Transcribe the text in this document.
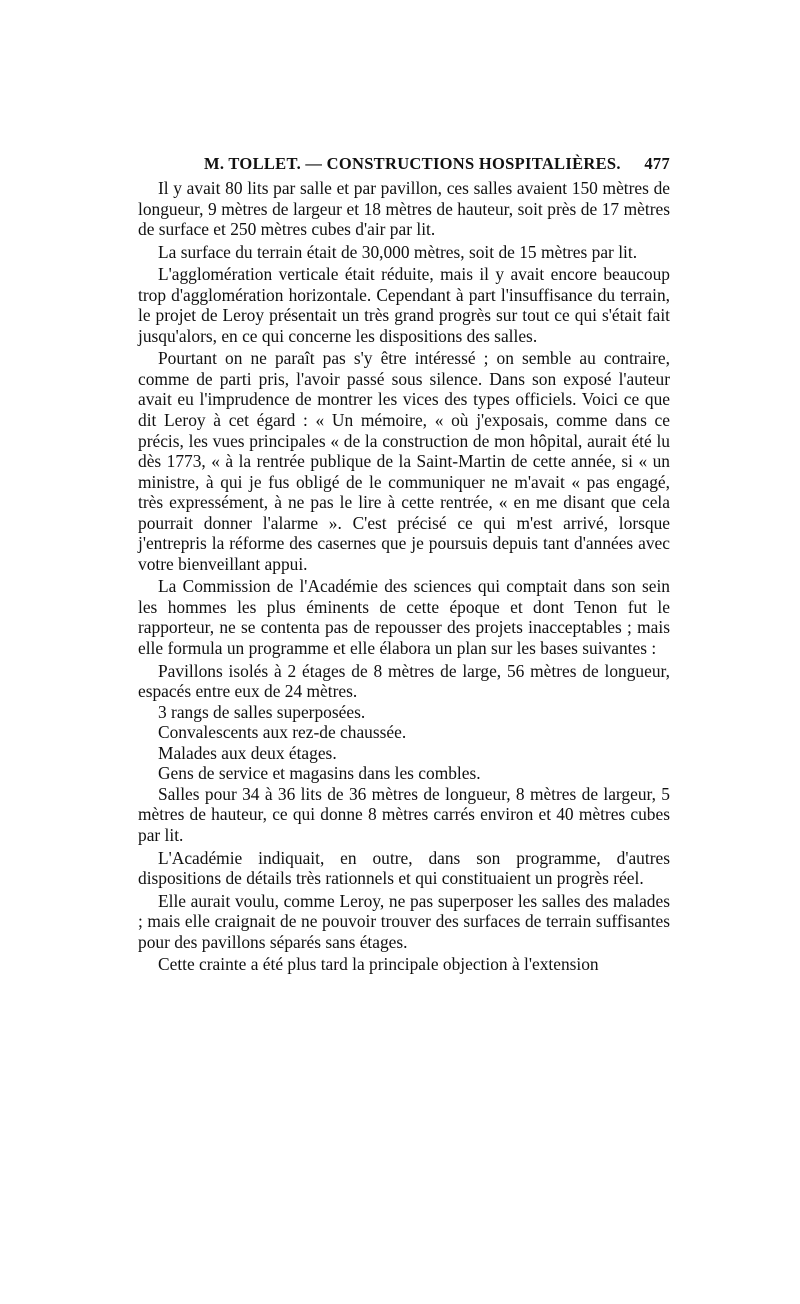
M. TOLLET. — CONSTRUCTIONS HOSPITALIÈRES. 477

Il y avait 80 lits par salle et par pavillon, ces salles avaient 150 mètres de longueur, 9 mètres de largeur et 18 mètres de hauteur, soit près de 17 mètres de surface et 250 mètres cubes d'air par lit.

La surface du terrain était de 30,000 mètres, soit de 15 mètres par lit.

L'agglomération verticale était réduite, mais il y avait encore beaucoup trop d'agglomération horizontale. Cependant à part l'insuffisance du terrain, le projet de Leroy présentait un très grand progrès sur tout ce qui s'était fait jusqu'alors, en ce qui concerne les dispositions des salles.

Pourtant on ne paraît pas s'y être intéressé ; on semble au contraire, comme de parti pris, l'avoir passé sous silence. Dans son exposé l'auteur avait eu l'imprudence de montrer les vices des types officiels. Voici ce que dit Leroy à cet égard : « Un mémoire, « où j'exposais, comme dans ce précis, les vues principales « de la construction de mon hôpital, aurait été lu dès 1773, « à la rentrée publique de la Saint-Martin de cette année, si « un ministre, à qui je fus obligé de le communiquer ne m'avait « pas engagé, très expressément, à ne pas le lire à cette rentrée, « en me disant que cela pourrait donner l'alarme ». C'est précisé ce qui m'est arrivé, lorsque j'entrepris la réforme des casernes que je poursuis depuis tant d'années avec votre bienveillant appui.

La Commission de l'Académie des sciences qui comptait dans son sein les hommes les plus éminents de cette époque et dont Tenon fut le rapporteur, ne se contenta pas de repousser des projets inacceptables ; mais elle formula un programme et elle élabora un plan sur les bases suivantes :

Pavillons isolés à 2 étages de 8 mètres de large, 56 mètres de longueur, espacés entre eux de 24 mètres.

3 rangs de salles superposées.

Convalescents aux rez-de chaussée.

Malades aux deux étages.

Gens de service et magasins dans les combles.

Salles pour 34 à 36 lits de 36 mètres de longueur, 8 mètres de largeur, 5 mètres de hauteur, ce qui donne 8 mètres carrés environ et 40 mètres cubes par lit.

L'Académie indiquait, en outre, dans son programme, d'autres dispositions de détails très rationnels et qui constituaient un progrès réel.

Elle aurait voulu, comme Leroy, ne pas superposer les salles des malades ; mais elle craignait de ne pouvoir trouver des surfaces de terrain suffisantes pour des pavillons séparés sans étages.

Cette crainte a été plus tard la principale objection à l'extension
